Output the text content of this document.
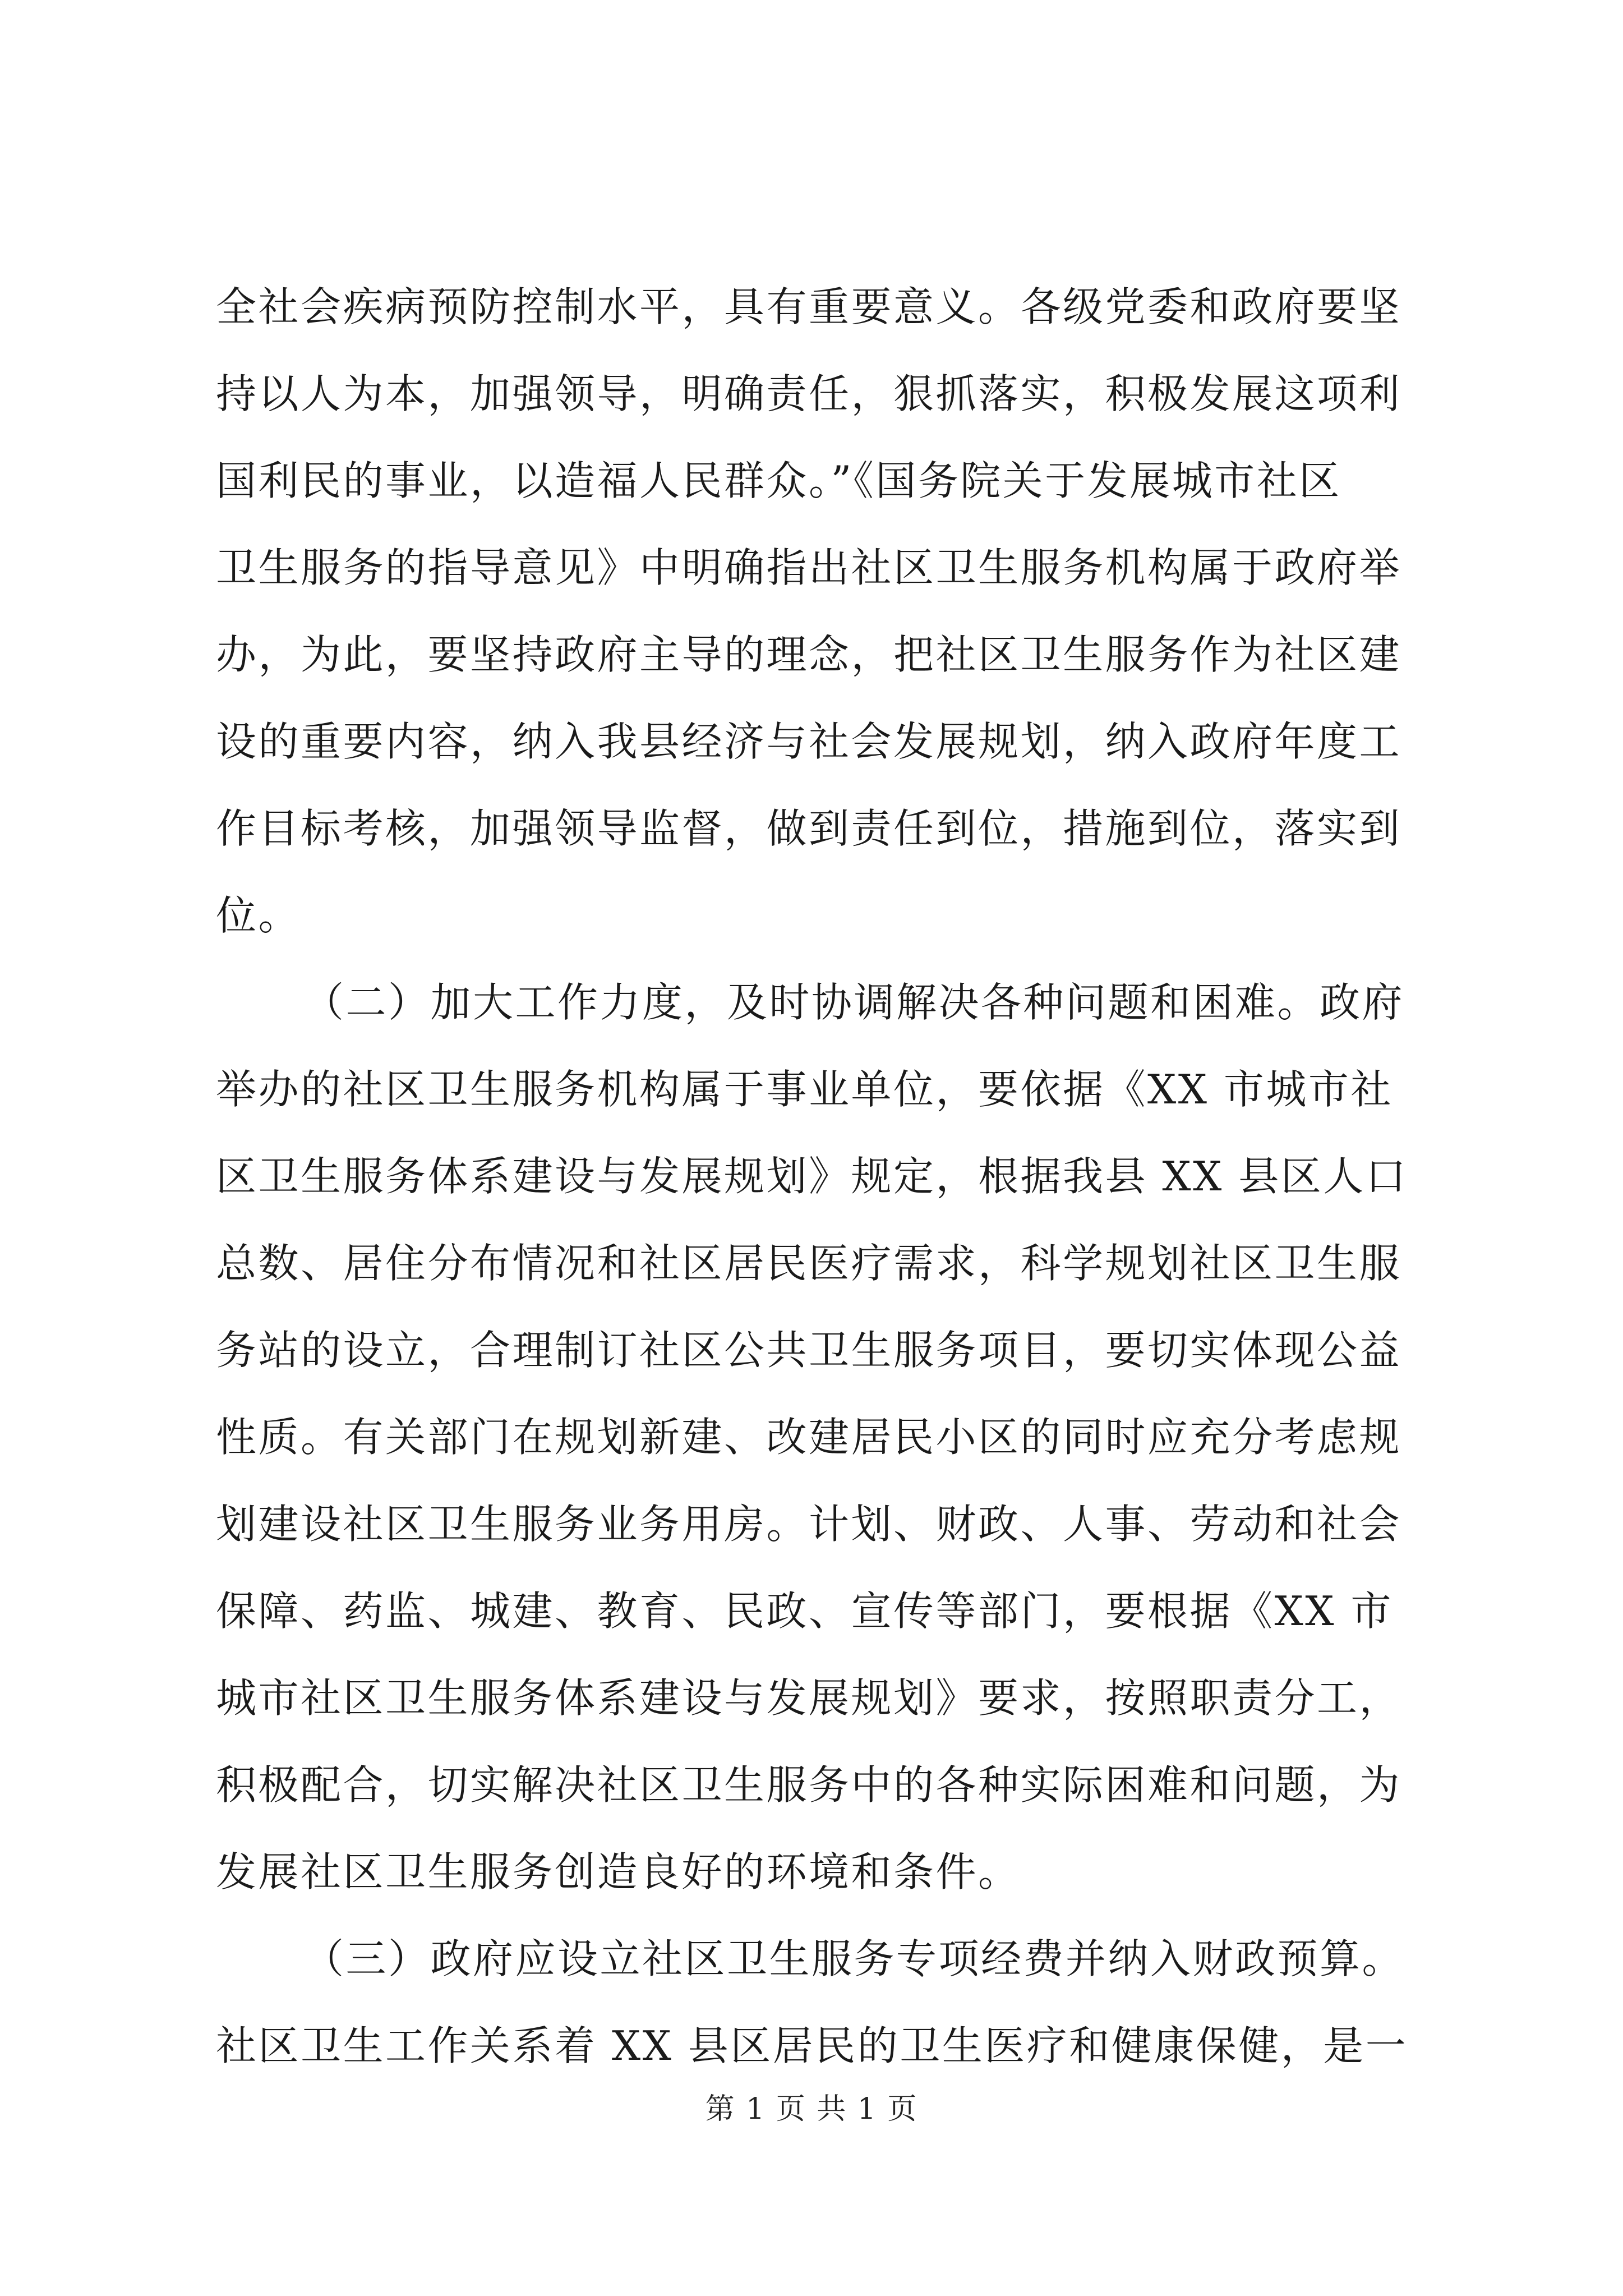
全社会疾病预防控制水平，具有重要意义。各级党委和政府要坚
持以人为本，加强领导，明确责任，狠抓落实，积极发展这项利
国利民的事业，以造福人民群众。”《国务院关于发展城市社区
卫生服务的指导意见》中明确指出社区卫生服务机构属于政府举
办，为此，要坚持政府主导的理念，把社区卫生服务作为社区建
设的重要内容，纳入我县经济与社会发展规划，纳入政府年度工
作目标考核，加强领导监督，做到责任到位，措施到位，落实到
位。
（二）加大工作力度，及时协调解决各种问题和困难。政府
举办的社区卫生服务机构属于事业单位，要依据《XX 市城市社
区卫生服务体系建设与发展规划》规定，根据我县 XX 县区人口
总数、居住分布情况和社区居民医疗需求，科学规划社区卫生服
务站的设立，合理制订社区公共卫生服务项目，要切实体现公益
性质。有关部门在规划新建、改建居民小区的同时应充分考虑规
划建设社区卫生服务业务用房。计划、财政、人事、劳动和社会
保障、药监、城建、教育、民政、宣传等部门，要根据《XX 市
城市社区卫生服务体系建设与发展规划》要求，按照职责分工，
积极配合，切实解决社区卫生服务中的各种实际困难和问题，为
发展社区卫生服务创造良好的环境和条件。
（三）政府应设立社区卫生服务专项经费并纳入财政预算。
社区卫生工作关系着 XX 县区居民的卫生医疗和健康保健，是一
第 1 页 共 1 页
